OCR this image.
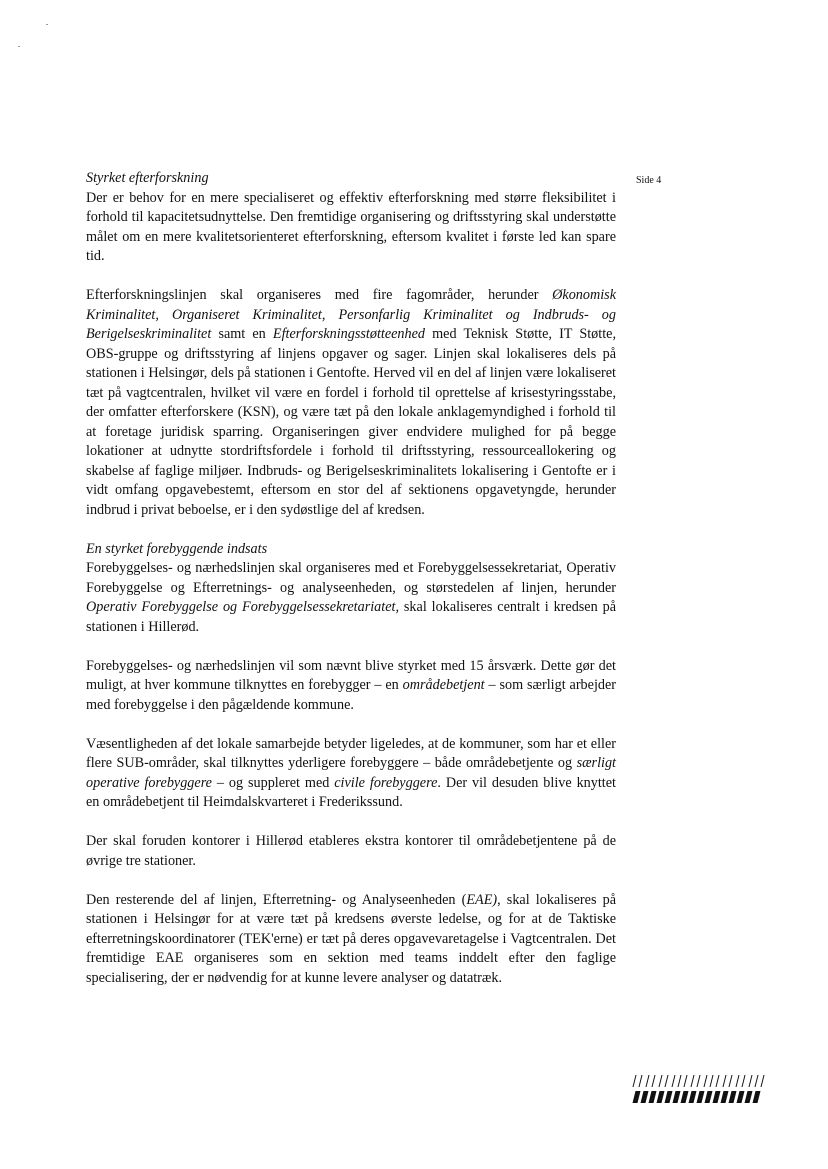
Side 4
Styrket efterforskning

Der er behov for en mere specialiseret og effektiv efterforskning med større fleksibilitet i forhold til kapacitetsudnyttelse. Den fremtidige organisering og driftsstyring skal understøtte målet om en mere kvalitetsorienteret efterforskning, eftersom kvalitet i første led kan spare tid.

Efterforskningslinjen skal organiseres med fire fagområder, herunder Økonomisk Kriminalitet, Organiseret Kriminalitet, Personfarlig Kriminalitet og Indbruds- og Berigelseskriminalitet samt en Efterforskningsstøtteenhed med Teknisk Støtte, IT Støtte, OBS-gruppe og driftsstyring af linjens opgaver og sager. Linjen skal lokaliseres dels på stationen i Helsingør, dels på stationen i Gentofte. Herved vil en del af linjen være lokaliseret tæt på vagtcentralen, hvilket vil være en fordel i forhold til oprettelse af krisestyringsstabe, der omfatter efterforskere (KSN), og være tæt på den lokale anklagemyndighed i forhold til at foretage juridisk sparring. Organiseringen giver endvidere mulighed for på begge lokationer at udnytte stordriftsfordele i forhold til driftsstyring, ressourceallokering og skabelse af faglige miljøer. Indbruds- og Berigelseskriminalitets lokalisering i Gentofte er i vidt omfang opgavebestemt, eftersom en stor del af sektionens opgavetyngde, herunder indbrud i privat beboelse, er i den sydøstlige del af kredsen.

En styrket forebyggende indsats

Forebyggelses- og nærhedslinjen skal organiseres med et Forebyggelsessekretariat, Operativ Forebyggelse og Efterretnings- og analyseenheden, og størstedelen af linjen, herunder Operativ Forebyggelse og Forebyggelsessekretariatet, skal lokaliseres centralt i kredsen på stationen i Hillerød.

Forebyggelses- og nærhedslinjen vil som nævnt blive styrket med 15 årsværk. Dette gør det muligt, at hver kommune tilknyttes en forebygger – en områdebetjent – som særligt arbejder med forebyggelse i den pågældende kommune.

Væsentligheden af det lokale samarbejde betyder ligeledes, at de kommuner, som har et eller flere SUB-områder, skal tilknyttes yderligere forebyggere – både områdebetjente og særligt operative forebyggere – og suppleret med civile forebyggere. Der vil desuden blive knyttet en områdebetjent til Heimdalskvarteret i Frederikssund.

Der skal foruden kontorer i Hillerød etableres ekstra kontorer til områdebetjentene på de øvrige tre stationer.

Den resterende del af linjen, Efterretning- og Analyseenheden (EAE), skal lokaliseres på stationen i Helsingør for at være tæt på kredsens øverste ledelse, og for at de Taktiske efterretningskoordinatorer (TEK'erne) er tæt på deres opgavevaretagelse i Vagtcentralen. Det fremtidige EAE organiseres som en sektion med teams inddelt efter den faglige specialisering, der er nødvendig for at kunne levere analyser og datatræk.
